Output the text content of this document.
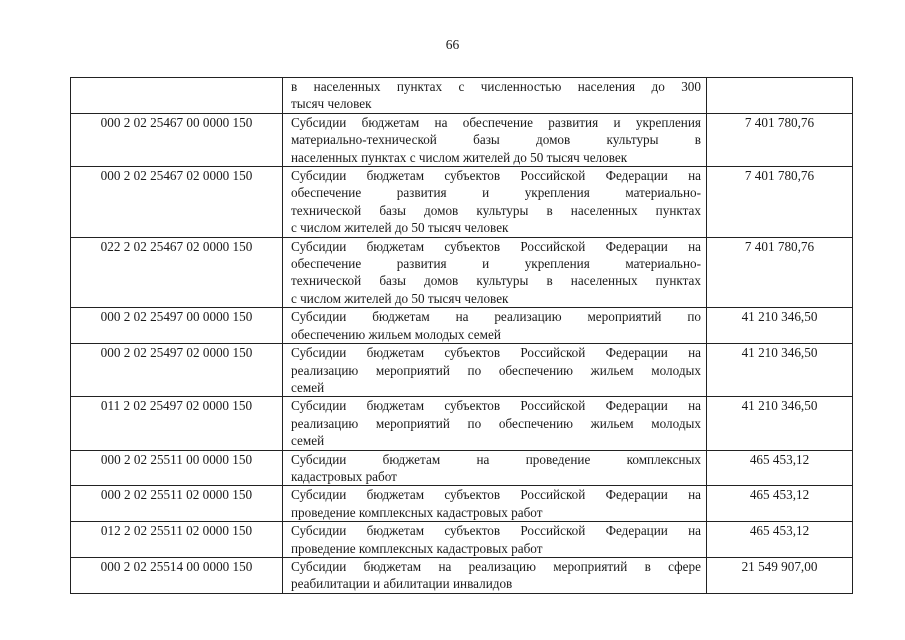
66

	в населенных пунктах с численностью населения до 300
тысяч человек	

000 2 02 25467 00 0000 150	Субсидии бюджетам на обеспечение развития и укрепления
материально-технической базы домов культуры в
населенных пунктах с числом жителей до 50 тысяч человек	7 401 780,76
000 2 02 25467 02 0000 150	Субсидии бюджетам субъектов Российской Федерации на
обеспечение развития и укрепления материально-
технической базы домов культуры в населенных пунктах
с числом жителей до 50 тысяч человек	7 401 780,76
022 2 02 25467 02 0000 150	Субсидии бюджетам субъектов Российской Федерации на
обеспечение развития и укрепления материально-
технической базы домов культуры в населенных пунктах
с числом жителей до 50 тысяч человек	7 401 780,76
000 2 02 25497 00 0000 150	Субсидии бюджетам на реализацию мероприятий по
обеспечению жильем молодых семей	41 210 346,50
000 2 02 25497 02 0000 150	Субсидии бюджетам субъектов Российской Федерации на
реализацию мероприятий по обеспечению жильем молодых
семей	41 210 346,50
011 2 02 25497 02 0000 150	Субсидии бюджетам субъектов Российской Федерации на
реализацию мероприятий по обеспечению жильем молодых
семей	41 210 346,50
000 2 02 25511 00 0000 150	Субсидии бюджетам на проведение комплексных
кадастровых работ	465 453,12
000 2 02 25511 02 0000 150	Субсидии бюджетам субъектов Российской Федерации на
проведение комплексных кадастровых работ	465 453,12
012 2 02 25511 02 0000 150	Субсидии бюджетам субъектов Российской Федерации на
проведение комплексных кадастровых работ	465 453,12
000 2 02 25514 00 0000 150	Субсидии бюджетам на реализацию мероприятий в сфере
реабилитации и абилитации инвалидов	21 549 907,00
